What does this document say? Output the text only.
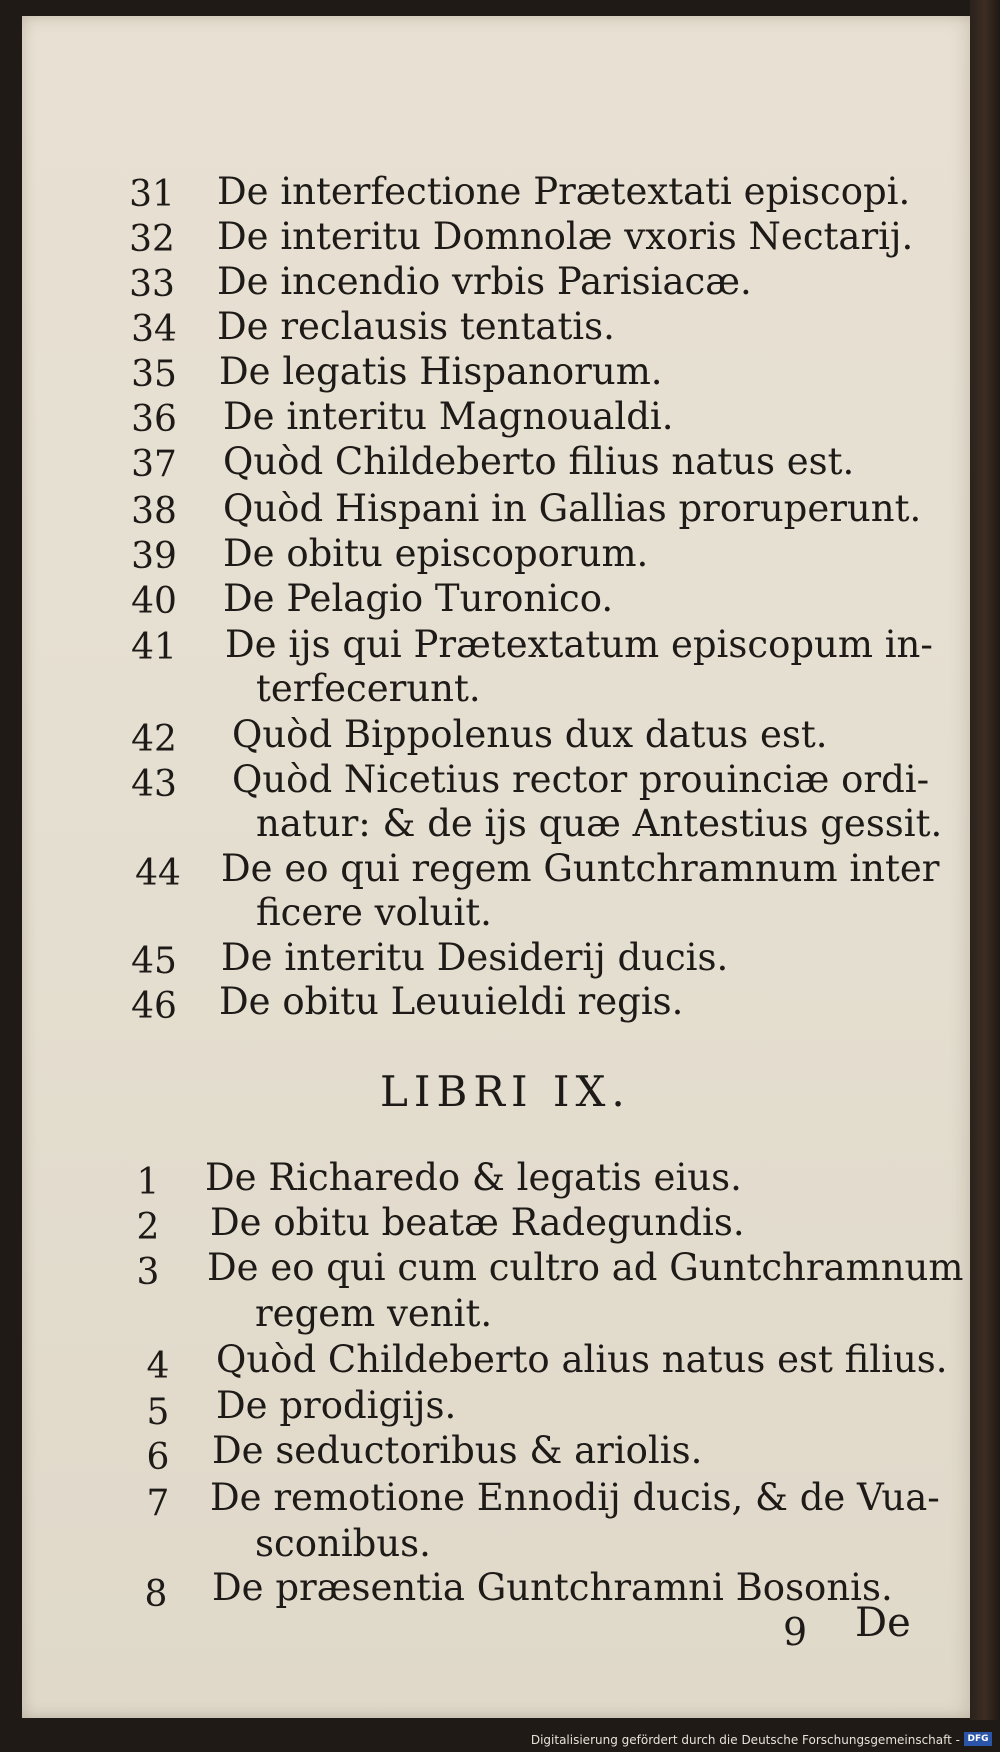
31	De interfectione Prætextati episcopi.
32	De interitu Domnolæ vxoris Nectarij.
33	De incendio vrbis Parisiacæ.
34	De reclausis tentatis.
35	De legatis Hispanorum.
36	De interitu Magnoualdi.
37	Quòd Childeberto filius natus est.
38	Quòd Hispani in Gallias proruperunt.
39	De obitu episcoporum.
40	De Pelagio Turonico.
41	De ijs qui Prætextatum episcopum in-
terfecerunt.
42	Quòd Bippolenus dux datus est.
43	Quòd Nicetius rector prouinciæ ordi-
natur: & de ijs quæ Antestius gessit.
44	De eo qui regem Guntchramnum inter
ficere voluit.
45	De interitu Desiderij ducis.
46	De obitu Leuuieldi regis.
LIBRI IX.
1	De Richaredo & legatis eius.
2	De obitu beatæ Radegundis.
3	De eo qui cum cultro ad Guntchramnum
regem venit.
4	Quòd Childeberto alius natus est filius.
5	De prodigijs.
6	De seductoribus & ariolis.
7	De remotione Ennodij ducis, & de Vua-
sconibus.
8	De præsentia Guntchramni Bosonis.
9 De
Digitalisierung gefördert durch die Deutsche Forschungsgemeinschaft - DFG
